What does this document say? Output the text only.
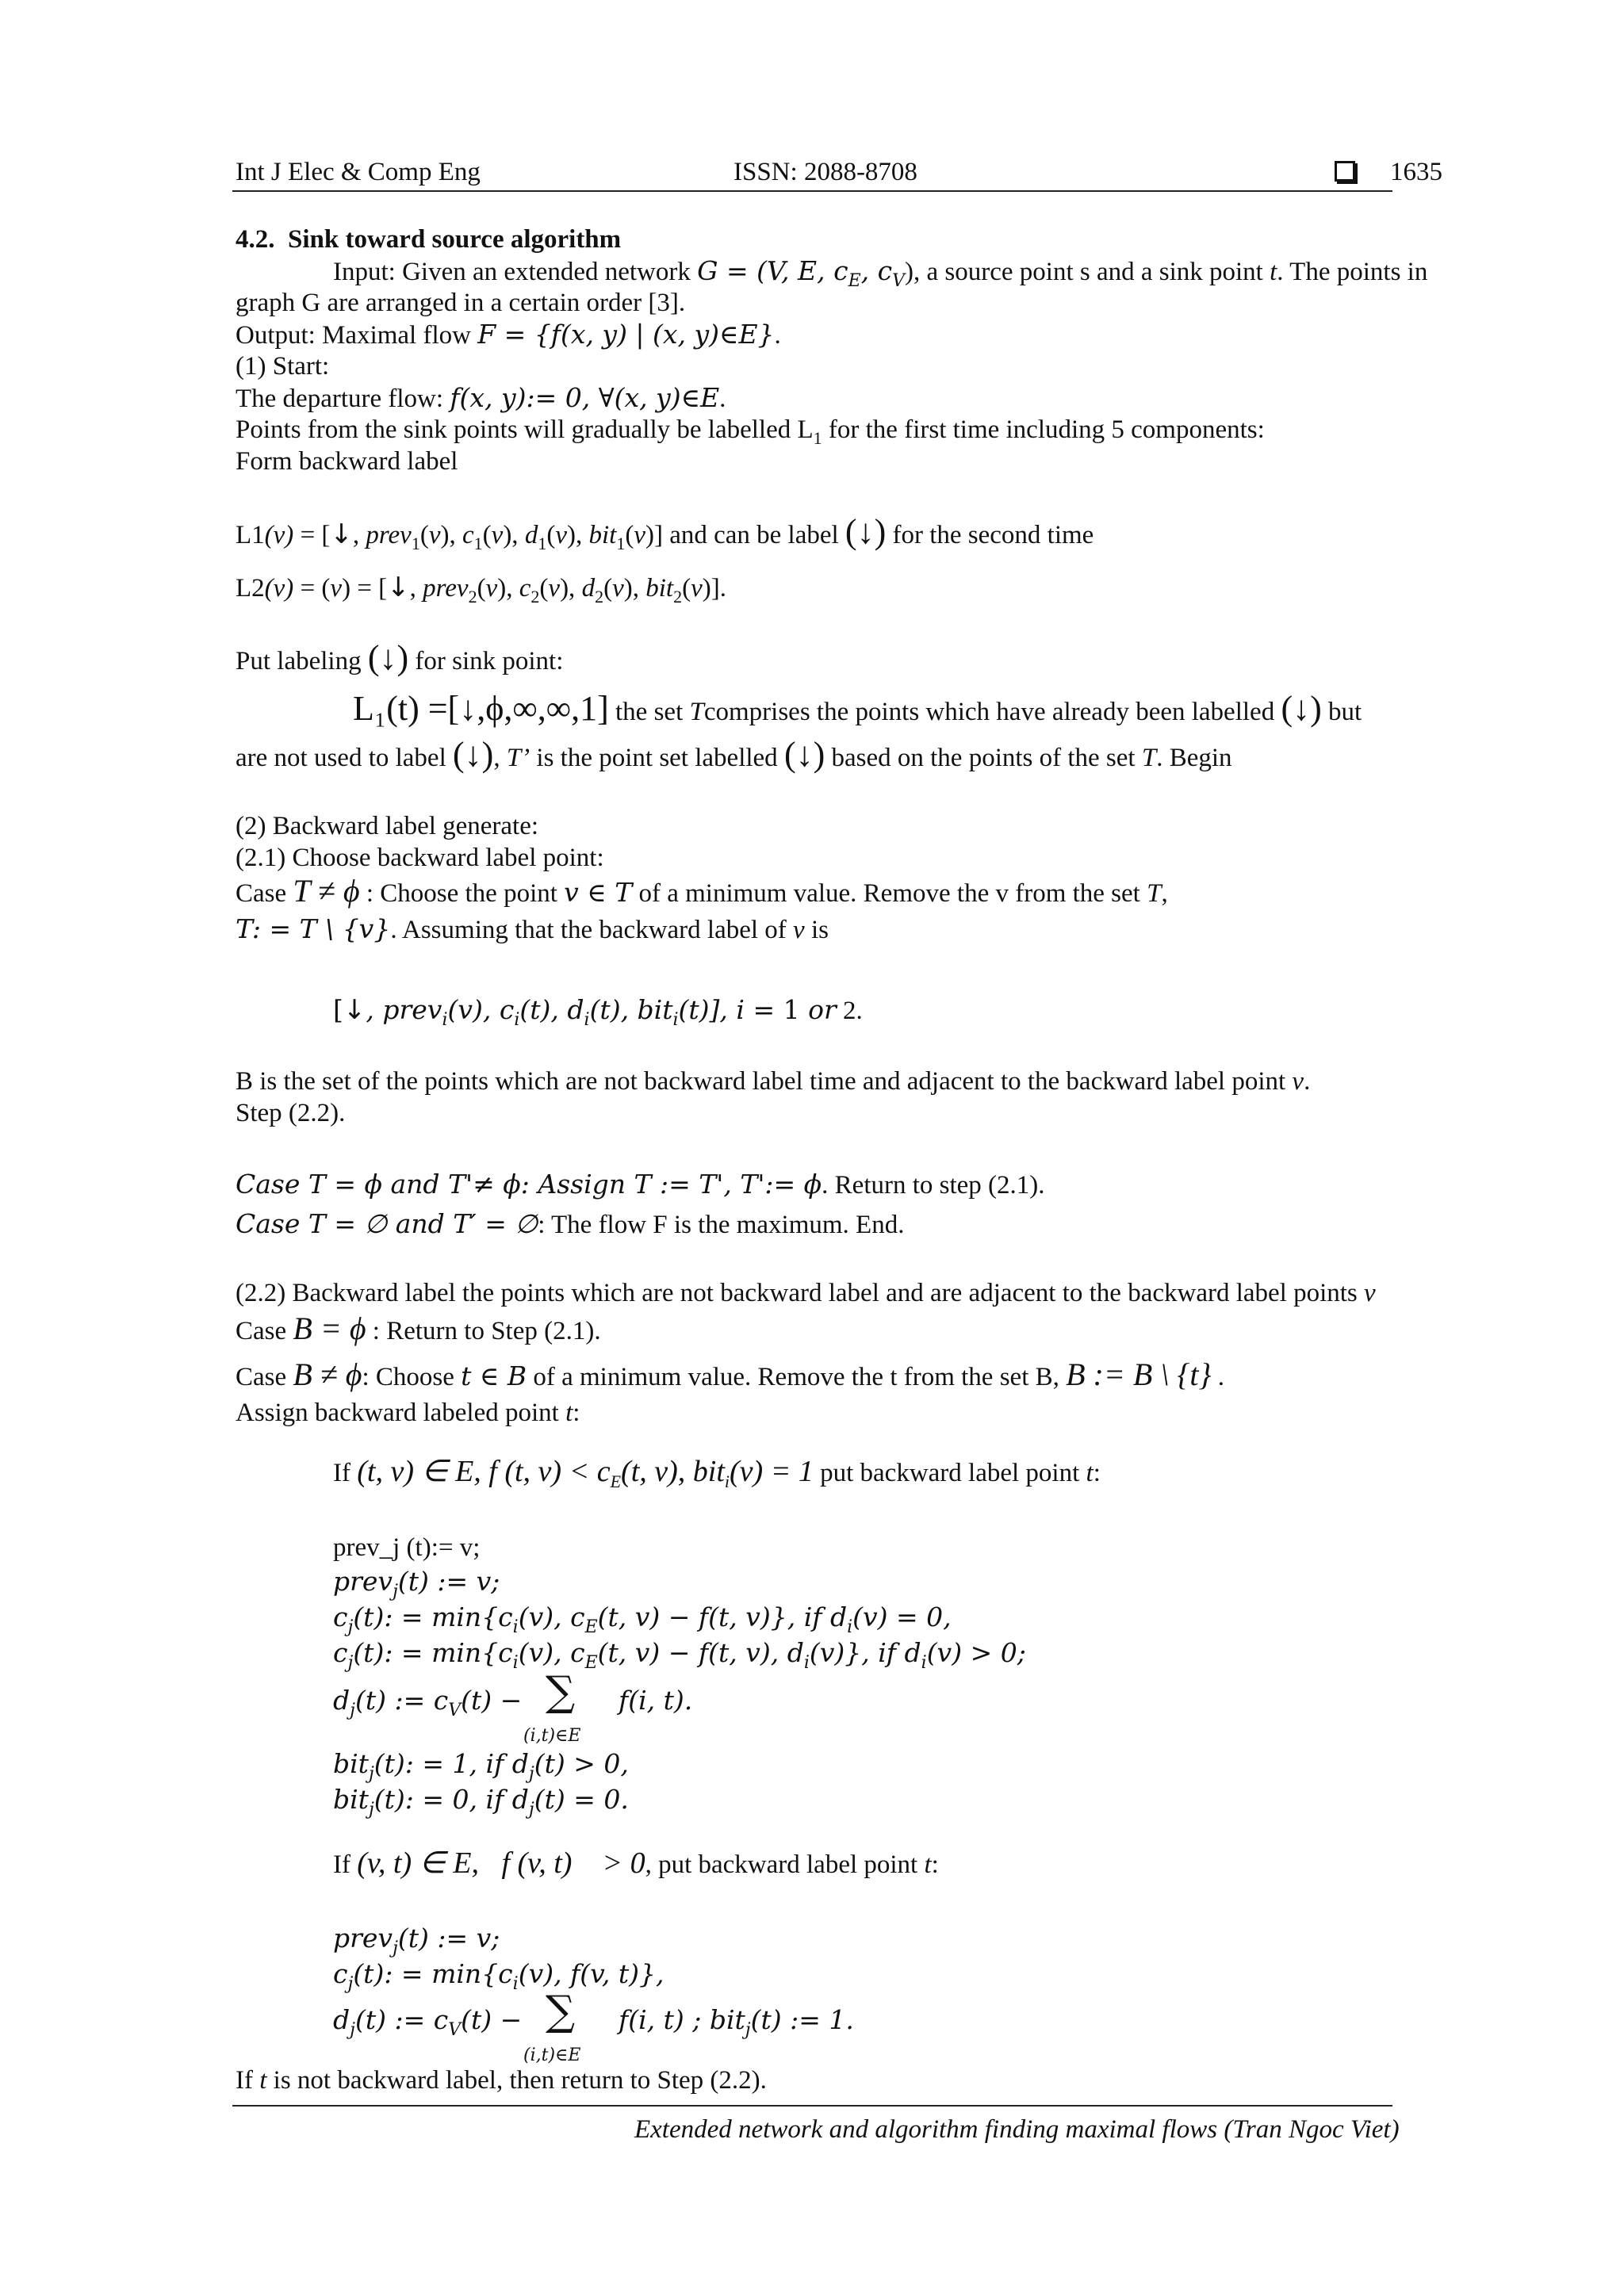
Int J Elec & Comp Eng	ISSN: 2088-8708	1635
4.2.  Sink toward source algorithm
Input: Given an extended network G = (V, E, $c_E$, $c_V$), a source point s and a sink point t. The points in
graph G are arranged in a certain order [3].
Output: Maximal flow F = {f(x, y) | (x, y)∈E}.
(1) Start:
The departure flow: f(x, y):= 0, ∀(x, y)∈E.
Points from the sink points will gradually be labelled $L_1$ for the first time including 5 components:
Form backward label
L1(v) = [↓, prev$_1$(v), $c_1(v)$, $d_1(v)$, bit$_1$(v)] and can be label (↓) for the second time
L2(v) = (v) = [↓, prev$_2$(v), $c_2(v)$, $d_2(v)$, bit$_2$(v)].
Put labeling (↓) for sink point:
L₁(t) =[↓,ϕ,∞,∞,1] the set Tcomprises the points which have already been labelled (↓) but
are not used to label (↓), T’ is the point set labelled (↓) based on the points of the set T. Begin
(2) Backward label generate:
(2.1) Choose backward label point:
Case T ≠ ϕ : Choose the point v ∈ T of a minimum value. Remove the v from the set T,
T: = T \ {v}. Assuming that the backward label of v is
[↓, prev$_i$(v), $c_i(t)$, $d_i(t)$, bit$_i$(t)], i = 1 or 2.
B is the set of the points which are not backward label time and adjacent to the backward label point v.
Step (2.2).
Case T = ϕ and T'≠ ϕ: Assign T := T', T':= ϕ. Return to step (2.1).
Case T = ∅ and T′ = ∅: The flow F is the maximum. End.
(2.2) Backward label the points which are not backward label and are adjacent to the backward label points v
Case B = ϕ : Return to Step (2.1).
Case B ≠ ϕ: Choose t ∈ B of a minimum value. Remove the t from the set B, B := B \ {t} .
Assign backward labeled point t:
If (t, v) ∈ E, f (t, $v) < c_E(t$, v), bit$_i$(v) = 1 put backward label point t:
prev_j (t):= v;
prev$_j$(t) := v;
$c_j(t)$: = $\min\{c_i(v)$, $c_E(t$, v) − f(t, v)}, if $d_i(v) = 0$,
$c_j(t)$: = $\min\{c_i(v)$, $c_E(t$, v) − f(t, v), $d_i(v)$}, if $d_i(v) > 0$;
$d_j(t)$ := $c_V(t)$ − ∑
(i,t)∈E
f(i, t).
bit$_j$(t): = 1, if $d_j(t) > 0$,
bit$_j$(t): = 0, if $d_j(t) = 0$.
If (v, t) ∈ E,   f (v, t)    > 0, put backward label point t:
prev$_j$(t) := v;
$c_j(t)$: = $\min\{c_i(v)$, f(v, t)},
$d_j(t)$ := $c_V(t)$ − ∑
(i,t)∈E
f(i, t) ; bit$_j$(t) := 1.
If t is not backward label, then return to Step (2.2).
Extended network and algorithm finding maximal flows (Tran Ngoc Viet)
